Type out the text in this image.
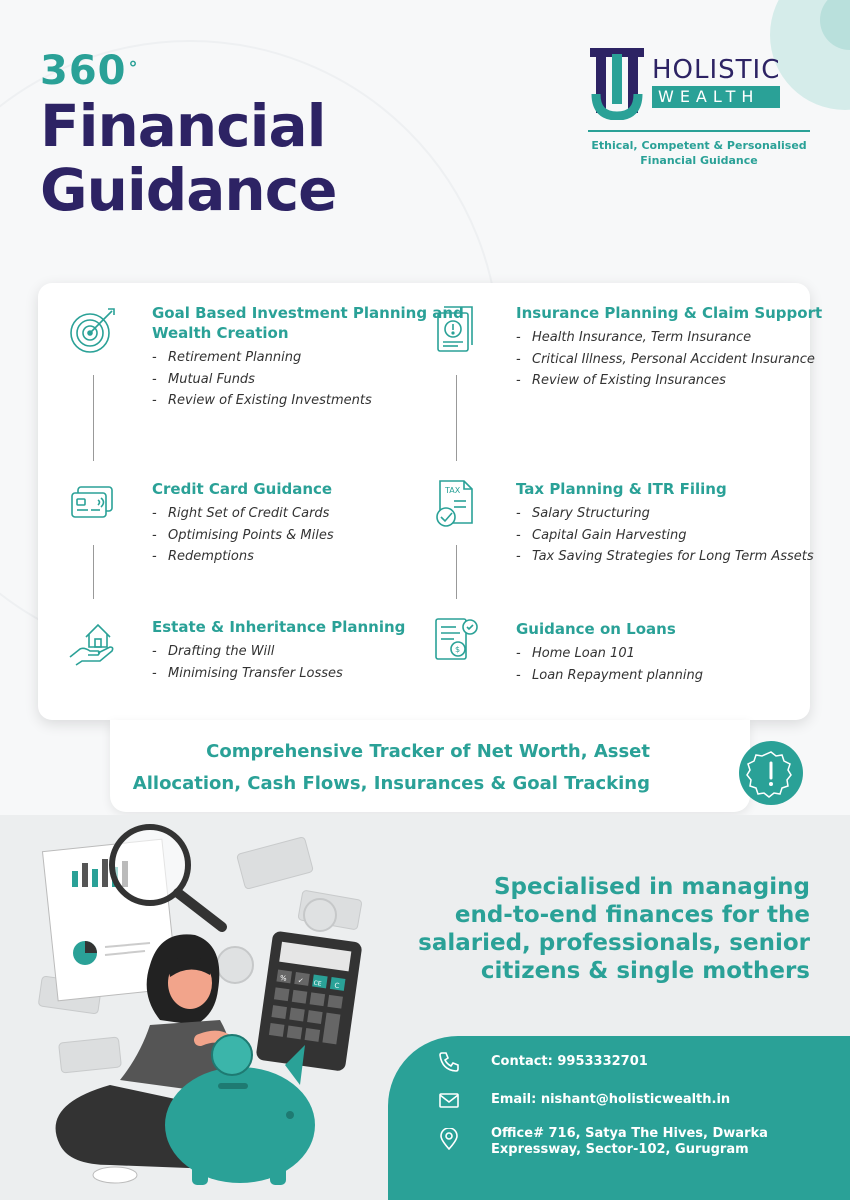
360 °
Financial
Guidance
HOLISTIC
WEALTH
Ethical, Competent & Personalised
Financial Guidance
Goal Based Investment Planning and Wealth Creation
- Retirement Planning
- Mutual Funds
- Review of Existing Investments
Insurance Planning & Claim Support
- Health Insurance, Term Insurance
- Critical Illness, Personal Accident Insurance
- Review of Existing Insurances
Credit Card Guidance
- Right Set of Credit Cards
- Optimising Points & Miles
- Redemptions
TAX	Tax Planning & ITR Filing
- Salary Structuring
- Capital Gain Harvesting
- Tax Saving Strategies for Long Term Assets
Estate & Inheritance Planning
- Drafting the Will
- Minimising Transfer Losses
$
Guidance on Loans
- Home Loan 101
- Loan Repayment planning
Comprehensive Tracker of Net Worth, Asset
Allocation, Cash Flows, Insurances & Goal Tracking
% ✓ CE C
Specialised in managing
end-to-end finances for the
salaried, professionals, senior
citizens & single mothers
Contact: 9953332701
Email: nishant@holisticwealth.in
Office# 716, Satya The Hives, Dwarka
Expressway, Sector-102, Gurugram
